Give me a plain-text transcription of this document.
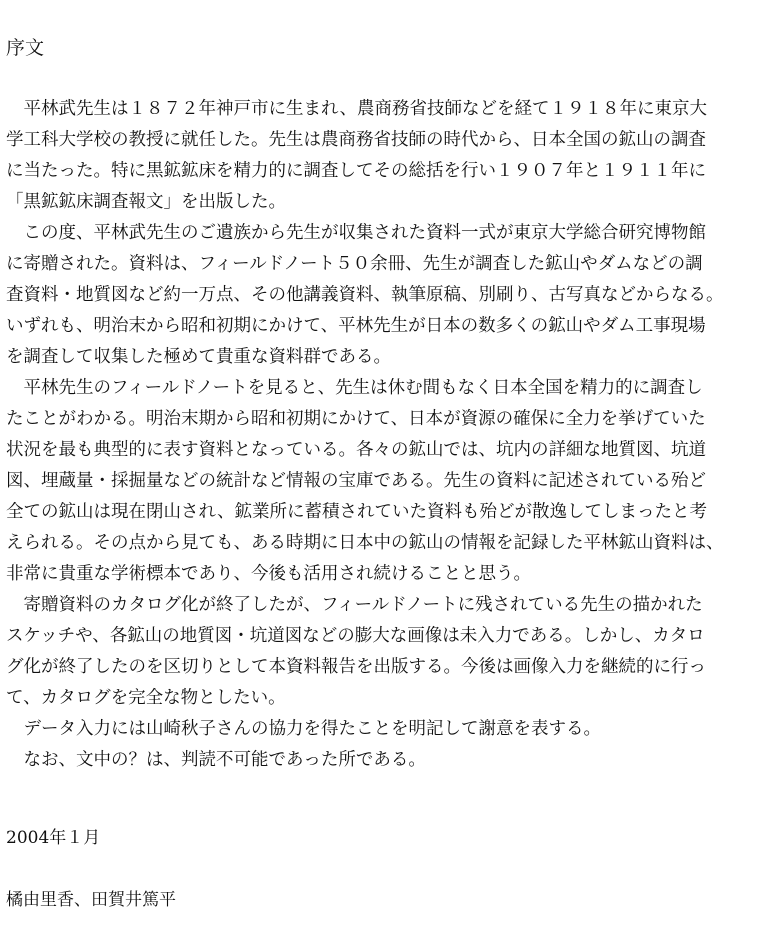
序文
　平林武先生は１８７２年神戸市に生まれ、農商務省技師などを経て１９１８年に東京大
学工科大学校の教授に就任した。先生は農商務省技師の時代から、日本全国の鉱山の調査
に当たった。特に黒鉱鉱床を精力的に調査してその総括を行い１９０７年と１９１１年に
「黒鉱鉱床調査報文」を出版した。
　この度、平林武先生のご遺族から先生が収集された資料一式が東京大学総合研究博物館
に寄贈された。資料は、フィールドノート５０余冊、先生が調査した鉱山やダムなどの調
査資料・地質図など約一万点、その他講義資料、執筆原稿、別刷り、古写真などからなる。
いずれも、明治末から昭和初期にかけて、平林先生が日本の数多くの鉱山やダム工事現場
を調査して収集した極めて貴重な資料群である。
　平林先生のフィールドノートを見ると、先生は休む間もなく日本全国を精力的に調査し
たことがわかる。明治末期から昭和初期にかけて、日本が資源の確保に全力を挙げていた
状況を最も典型的に表す資料となっている。各々の鉱山では、坑内の詳細な地質図、坑道
図、埋蔵量・採掘量などの統計など情報の宝庫である。先生の資料に記述されている殆ど
全ての鉱山は現在閉山され、鉱業所に蓄積されていた資料も殆どが散逸してしまったと考
えられる。その点から見ても、ある時期に日本中の鉱山の情報を記録した平林鉱山資料は、
非常に貴重な学術標本であり、今後も活用され続けることと思う。
　寄贈資料のカタログ化が終了したが、フィールドノートに残されている先生の描かれた
スケッチや、各鉱山の地質図・坑道図などの膨大な画像は未入力である。しかし、カタロ
グ化が終了したのを区切りとして本資料報告を出版する。今後は画像入力を継続的に行っ
て、カタログを完全な物としたい。
　データ入力には山崎秋子さんの協力を得たことを明記して謝意を表する。
　なお、文中の？は、判読不可能であった所である。
2004年１月
橘由里香、田賀井篤平
